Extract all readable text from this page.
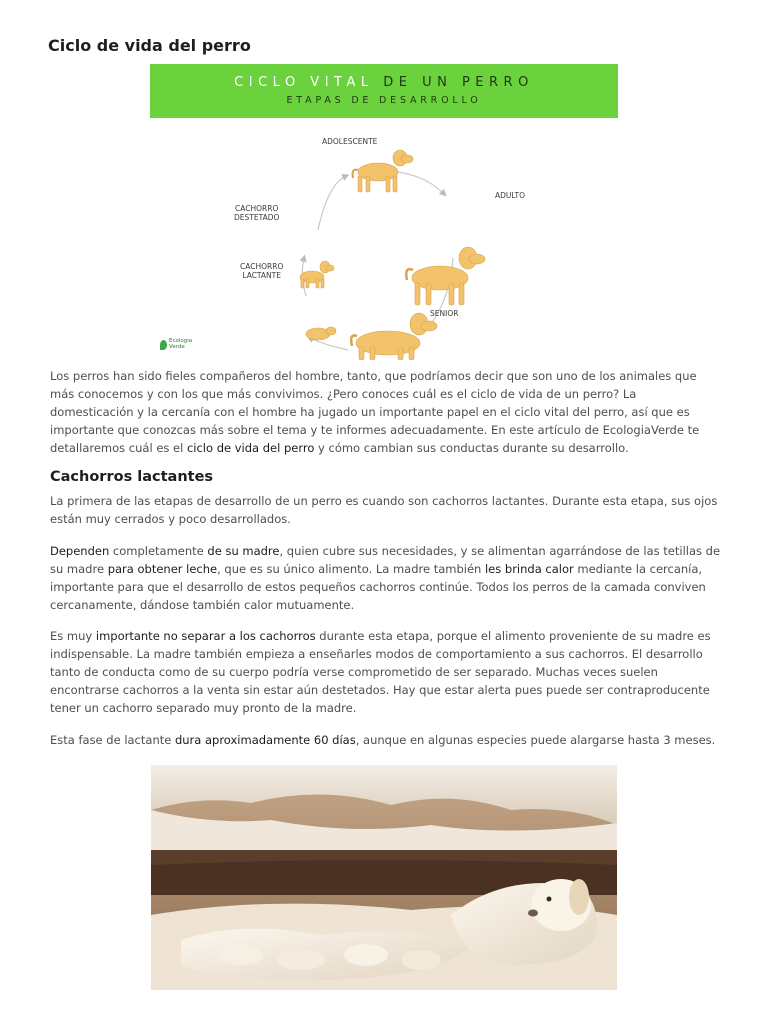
Ciclo de vida del perro
CICLO VITAL DE UN PERRO
ETAPAS DE DESARROLLO
ADOLESCENTE
ADULTO
CACHORRO
DESTETADO
CACHORRO
LACTANTE
SENIOR
Ecologia
Verde

Los perros han sido fieles compañeros del hombre, tanto, que podríamos decir que son uno de los animales que más conocemos y con los que más convivimos. ¿Pero conoces cuál es el ciclo de vida de un perro? La domesticación y la cercanía con el hombre ha jugado un importante papel en el ciclo vital del perro, así que es importante que conozcas más sobre el tema y te informes adecuadamente. En este artículo de EcologiaVerde te detallaremos cuál es el ciclo de vida del perro y cómo cambian sus conductas durante su desarrollo.

Cachorros lactantes

La primera de las etapas de desarrollo de un perro es cuando son cachorros lactantes. Durante esta etapa, sus ojos están muy cerrados y poco desarrollados.

Dependen completamente de su madre, quien cubre sus necesidades, y se alimentan agarrándose de las tetillas de su madre para obtener leche, que es su único alimento. La madre también les brinda calor mediante la cercanía, importante para que el desarrollo de estos pequeños cachorros continúe. Todos los perros de la camada conviven cercanamente, dándose también calor mutuamente.

Es muy importante no separar a los cachorros durante esta etapa, porque el alimento proveniente de su madre es indispensable. La madre también empieza a enseñarles modos de comportamiento a sus cachorros. El desarrollo tanto de conducta como de su cuerpo podría verse comprometido de ser separado. Muchas veces suelen encontrarse cachorros a la venta sin estar aún destetados. Hay que estar alerta pues puede ser contraproducente tener un cachorro separado muy pronto de la madre.

Esta fase de lactante dura aproximadamente 60 días, aunque en algunas especies puede alargarse hasta 3 meses.
